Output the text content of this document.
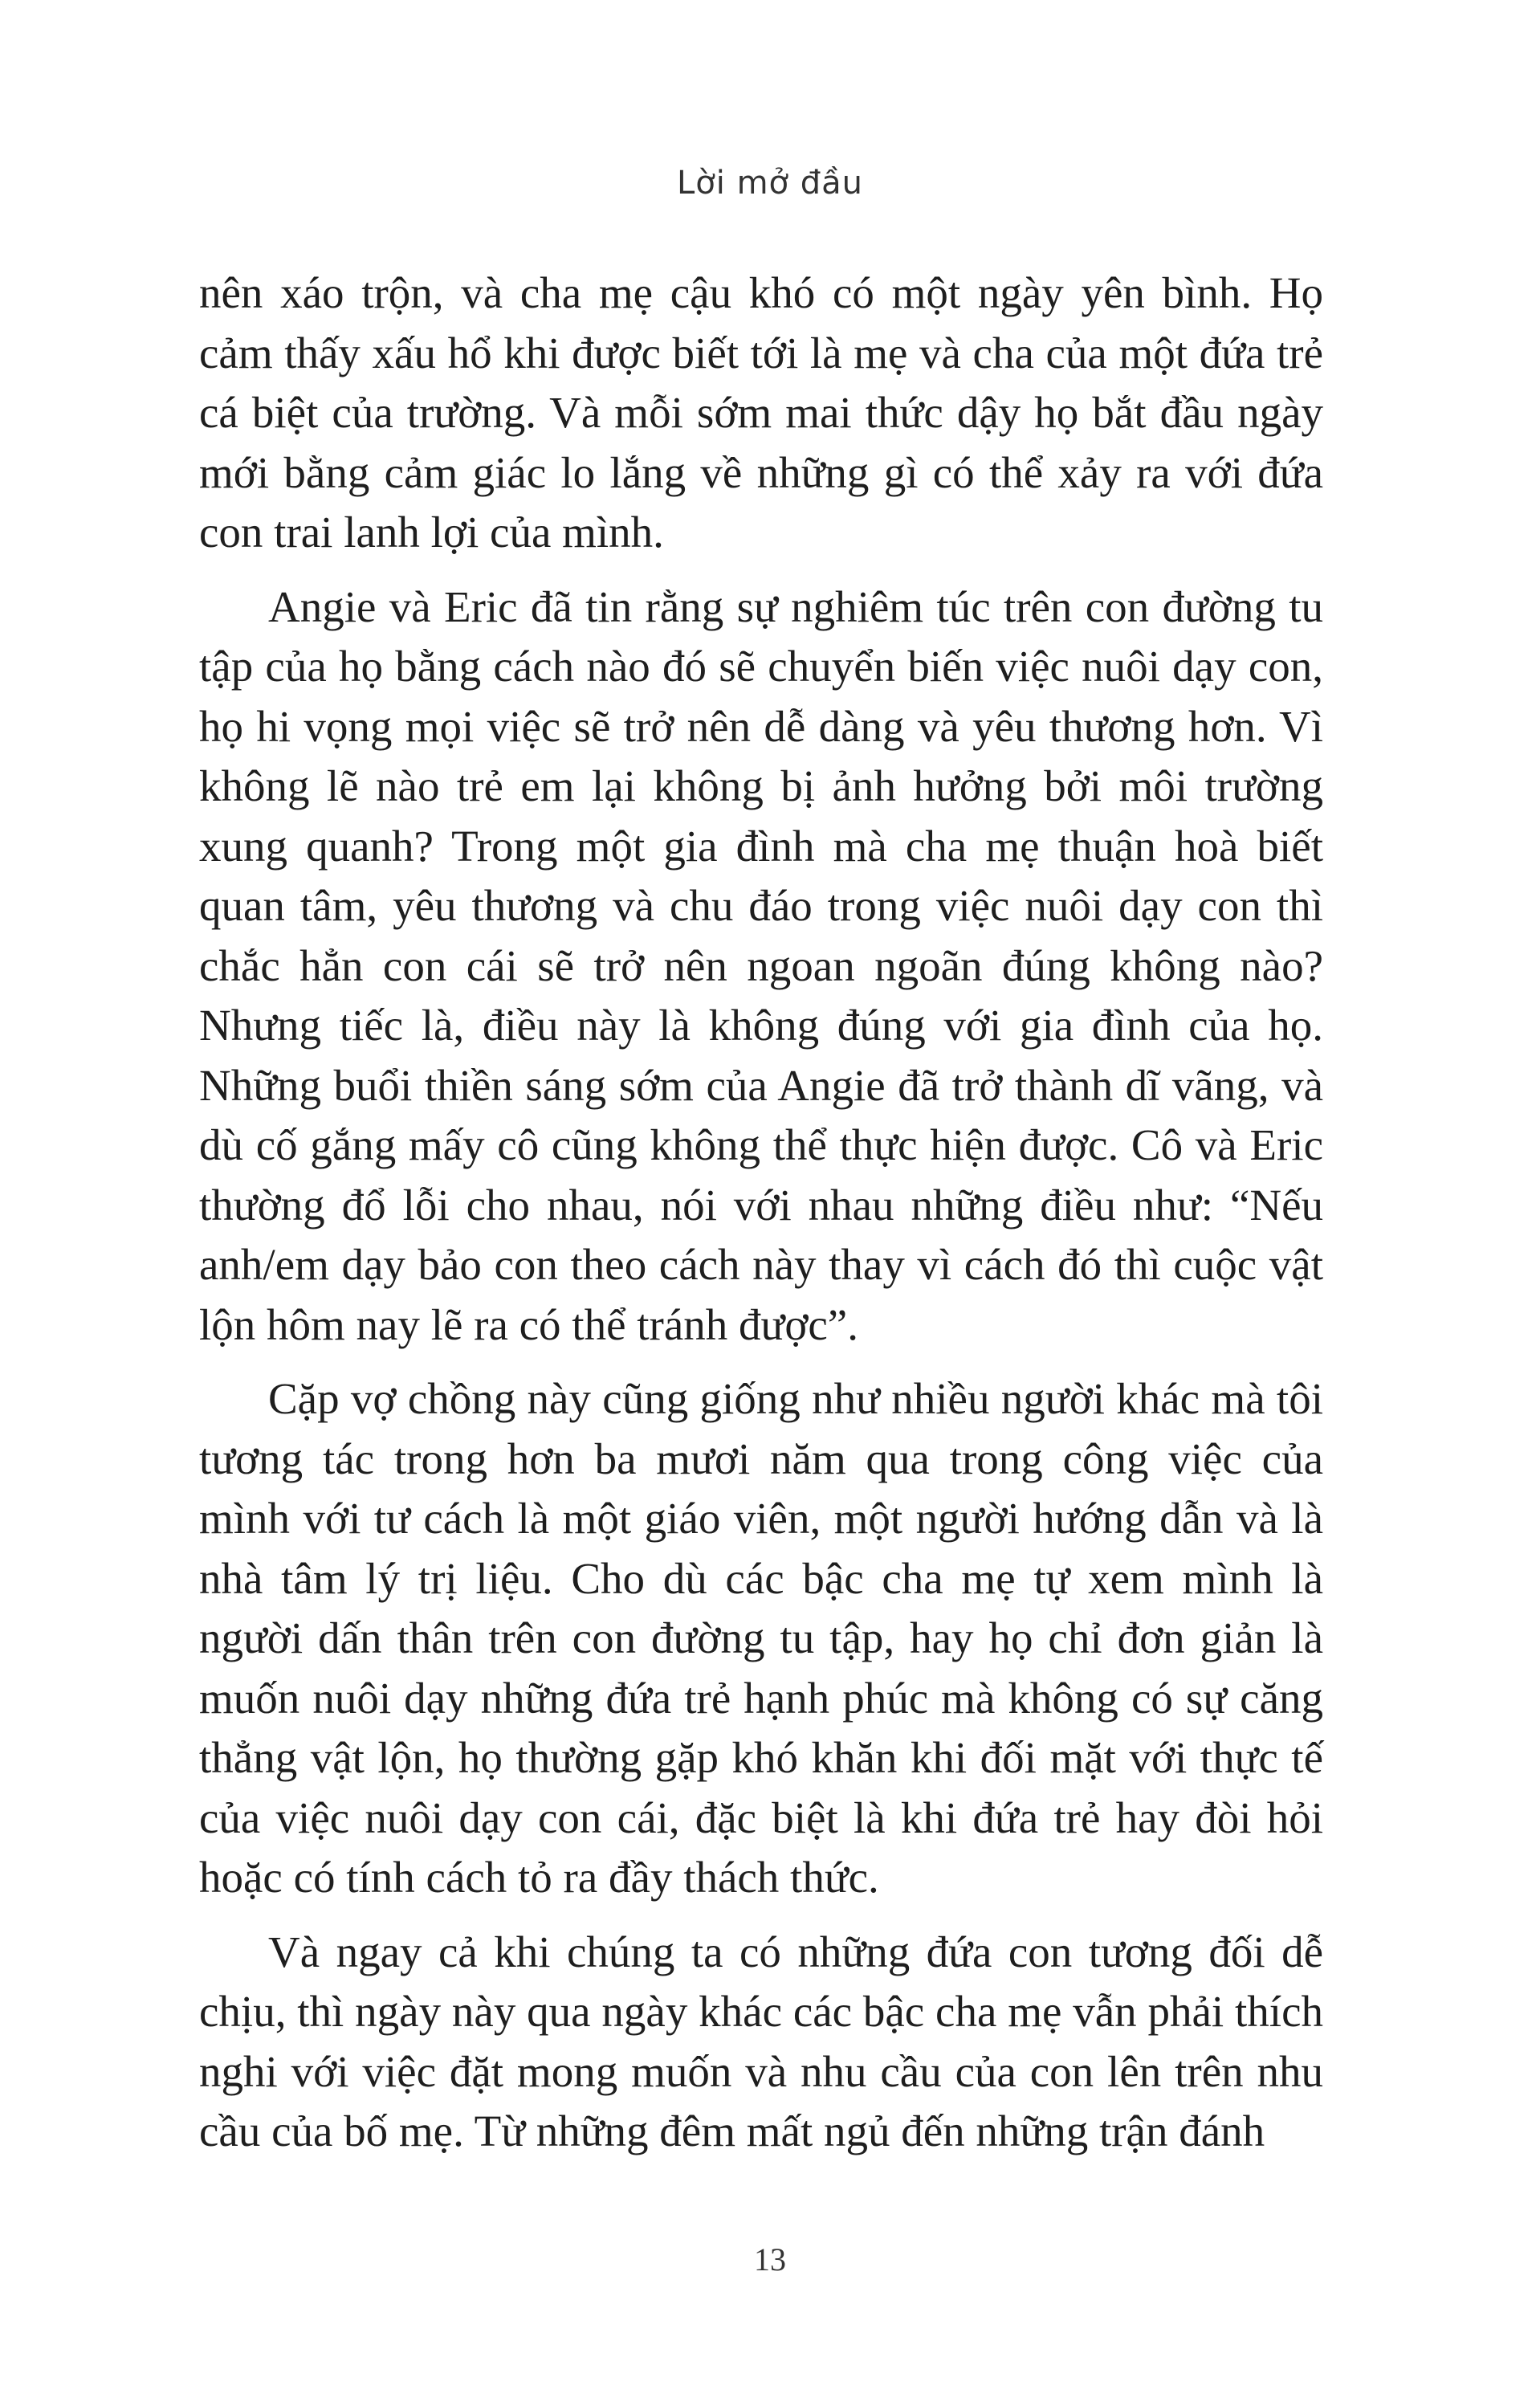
Lời mở đầu

nên xáo trộn, và cha mẹ cậu khó có một ngày yên bình. Họ cảm thấy xấu hổ khi được biết tới là mẹ và cha của một đứa trẻ cá biệt của trường. Và mỗi sớm mai thức dậy họ bắt đầu ngày mới bằng cảm giác lo lắng về những gì có thể xảy ra với đứa con trai lanh lợi của mình.

Angie và Eric đã tin rằng sự nghiêm túc trên con đường tu tập của họ bằng cách nào đó sẽ chuyển biến việc nuôi dạy con, họ hi vọng mọi việc sẽ trở nên dễ dàng và yêu thương hơn. Vì không lẽ nào trẻ em lại không bị ảnh hưởng bởi môi trường xung quanh? Trong một gia đình mà cha mẹ thuận hoà biết quan tâm, yêu thương và chu đáo trong việc nuôi dạy con thì chắc hẳn con cái sẽ trở nên ngoan ngoãn đúng không nào? Nhưng tiếc là, điều này là không đúng với gia đình của họ. Những buổi thiền sáng sớm của Angie đã trở thành dĩ vãng, và dù cố gắng mấy cô cũng không thể thực hiện được. Cô và Eric thường đổ lỗi cho nhau, nói với nhau những điều như: “Nếu anh/em dạy bảo con theo cách này thay vì cách đó thì cuộc vật lộn hôm nay lẽ ra có thể tránh được”.

Cặp vợ chồng này cũng giống như nhiều người khác mà tôi tương tác trong hơn ba mươi năm qua trong công việc của mình với tư cách là một giáo viên, một người hướng dẫn và là nhà tâm lý trị liệu. Cho dù các bậc cha mẹ tự xem mình là người dấn thân trên con đường tu tập, hay họ chỉ đơn giản là muốn nuôi dạy những đứa trẻ hạnh phúc mà không có sự căng thẳng vật lộn, họ thường gặp khó khăn khi đối mặt với thực tế của việc nuôi dạy con cái, đặc biệt là khi đứa trẻ hay đòi hỏi hoặc có tính cách tỏ ra đầy thách thức.

Và ngay cả khi chúng ta có những đứa con tương đối dễ chịu, thì ngày này qua ngày khác các bậc cha mẹ vẫn phải thích nghi với việc đặt mong muốn và nhu cầu của con lên trên nhu cầu của bố mẹ. Từ những đêm mất ngủ đến những trận đánh

13
